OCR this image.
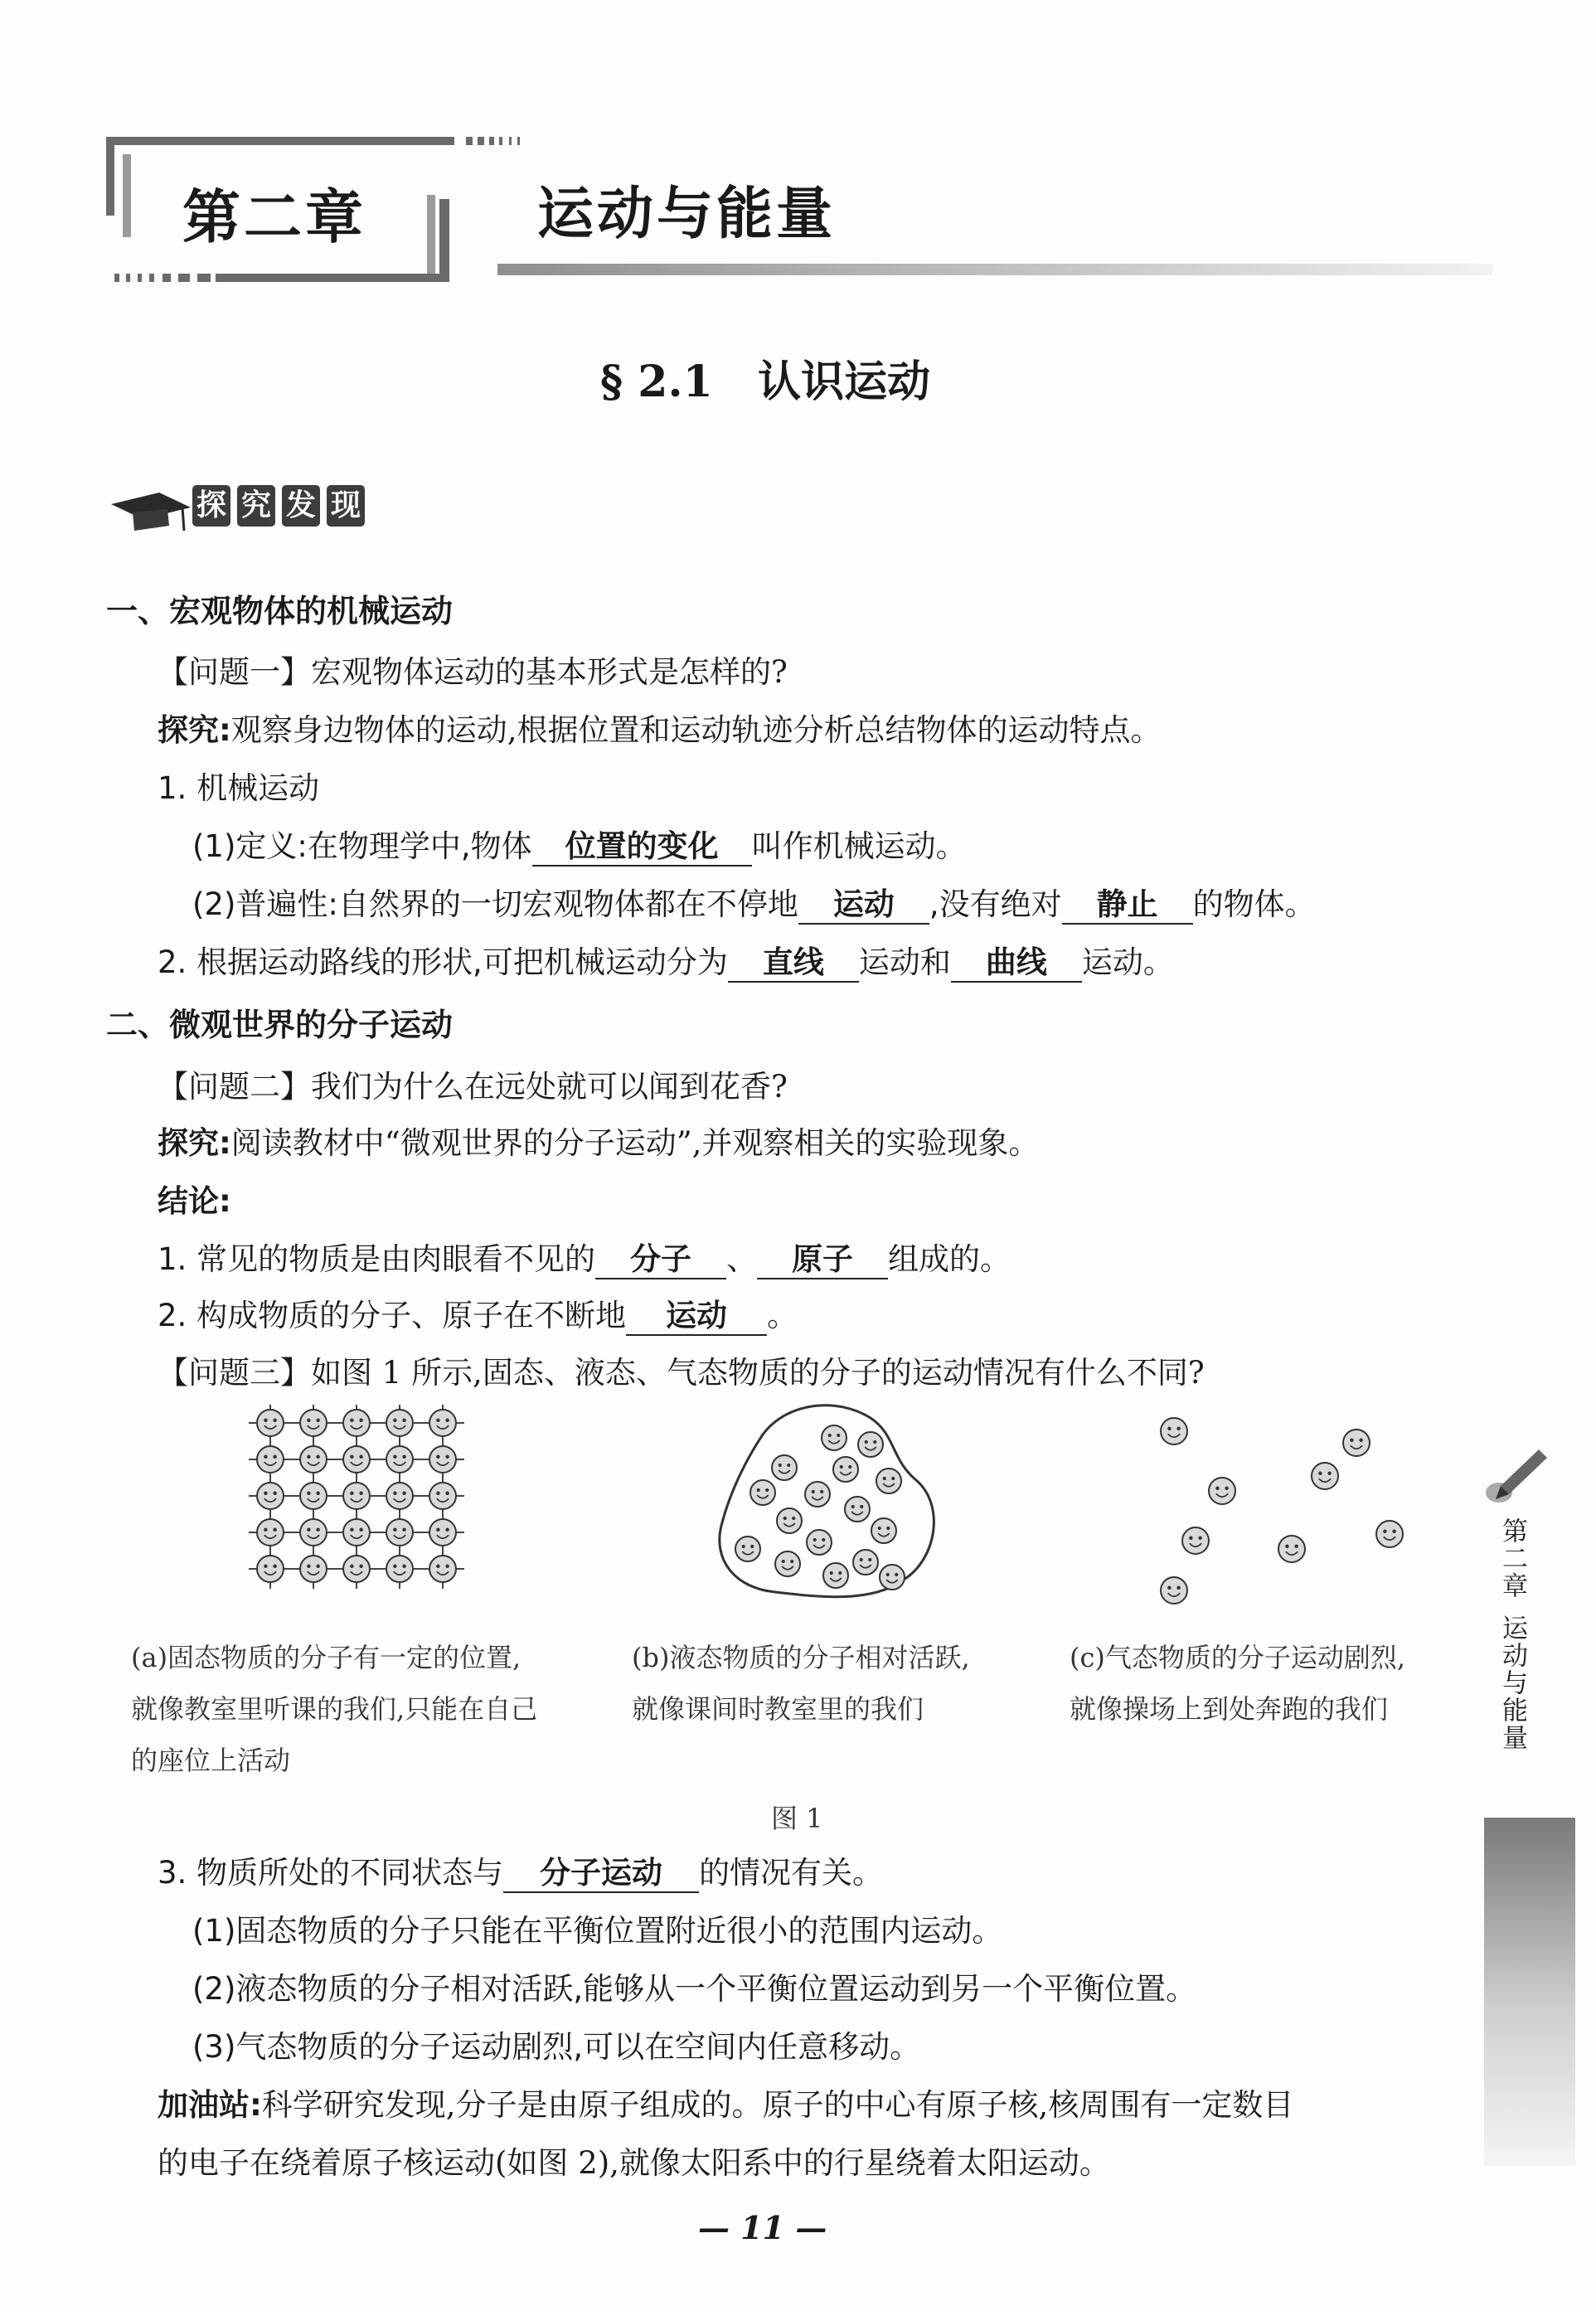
第二章	运动与能量
§ 2.1   认识运动
探 究 发 现
一、宏观物体的机械运动
【问题一】宏观物体运动的基本形式是怎样的?
探究:观察身边物体的运动,根据位置和运动轨迹分析总结物体的运动特点。
1. 机械运动
(1)定义:在物理学中,物体 位置的变化 叫作机械运动。
(2)普遍性:自然界的一切宏观物体都在不停地 运动 ,没有绝对 静止 的物体。
2. 根据运动路线的形状,可把机械运动分为 直线 运动和 曲线 运动。
二、微观世界的分子运动
【问题二】我们为什么在远处就可以闻到花香?
探究:阅读教材中“微观世界的分子运动”,并观察相关的实验现象。
结论:
1. 常见的物质是由肉眼看不见的 分子 、 原子 组成的。
2. 构成物质的分子、原子在不断地 运动 。
【问题三】如图 1 所示,固态、液态、气态物质的分子的运动情况有什么不同?
(a)固态物质的分子有一定的位置,
就像教室里听课的我们,只能在自己
的座位上活动
(b)液态物质的分子相对活跃,
就像课间时教室里的我们
(c)气态物质的分子运动剧烈,
就像操场上到处奔跑的我们
图 1
3. 物质所处的不同状态与 分子运动 的情况有关。
(1)固态物质的分子只能在平衡位置附近很小的范围内运动。
(2)液态物质的分子相对活跃,能够从一个平衡位置运动到另一个平衡位置。
(3)气态物质的分子运动剧烈,可以在空间内任意移动。
加油站:科学研究发现,分子是由原子组成的。原子的中心有原子核,核周围有一定数目
的电子在绕着原子核运动(如图 2),就像太阳系中的行星绕着太阳运动。
第二章
运动与能量
— 11 —
